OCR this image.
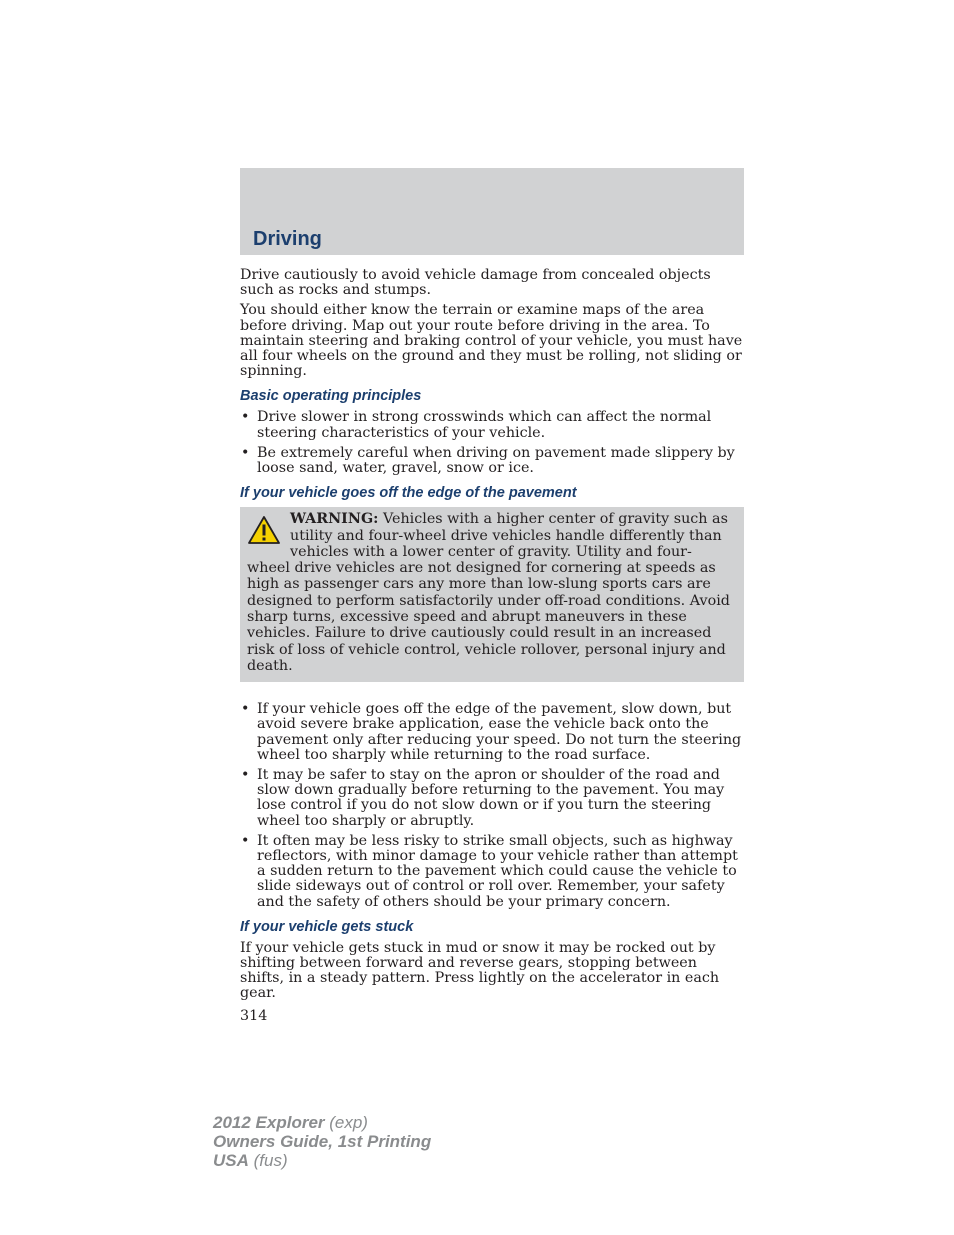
Driving

Drive cautiously to avoid vehicle damage from concealed objects such as rocks and stumps.

You should either know the terrain or examine maps of the area before driving. Map out your route before driving in the area. To maintain steering and braking control of your vehicle, you must have all four wheels on the ground and they must be rolling, not sliding or spinning.

Basic operating principles
• Drive slower in strong crosswinds which can affect the normal steering characteristics of your vehicle.
• Be extremely careful when driving on pavement made slippery by loose sand, water, gravel, snow or ice.
If your vehicle goes off the edge of the pavement
WARNING: Vehicles with a higher center of gravity such as utility and four-wheel drive vehicles handle differently than vehicles with a lower center of gravity. Utility and four-wheel drive vehicles are not designed for cornering at speeds as high as passenger cars any more than low-slung sports cars are designed to perform satisfactorily under off-road conditions. Avoid sharp turns, excessive speed and abrupt maneuvers in these vehicles. Failure to drive cautiously could result in an increased risk of loss of vehicle control, vehicle rollover, personal injury and death.
• If your vehicle goes off the edge of the pavement, slow down, but avoid severe brake application, ease the vehicle back onto the pavement only after reducing your speed. Do not turn the steering wheel too sharply while returning to the road surface.
• It may be safer to stay on the apron or shoulder of the road and slow down gradually before returning to the pavement. You may lose control if you do not slow down or if you turn the steering wheel too sharply or abruptly.
• It often may be less risky to strike small objects, such as highway reflectors, with minor damage to your vehicle rather than attempt a sudden return to the pavement which could cause the vehicle to slide sideways out of control or roll over. Remember, your safety and the safety of others should be your primary concern.
If your vehicle gets stuck

If your vehicle gets stuck in mud or snow it may be rocked out by shifting between forward and reverse gears, stopping between shifts, in a steady pattern. Press lightly on the accelerator in each gear.

314
2012 Explorer (exp)
Owners Guide, 1st Printing
USA (fus)
